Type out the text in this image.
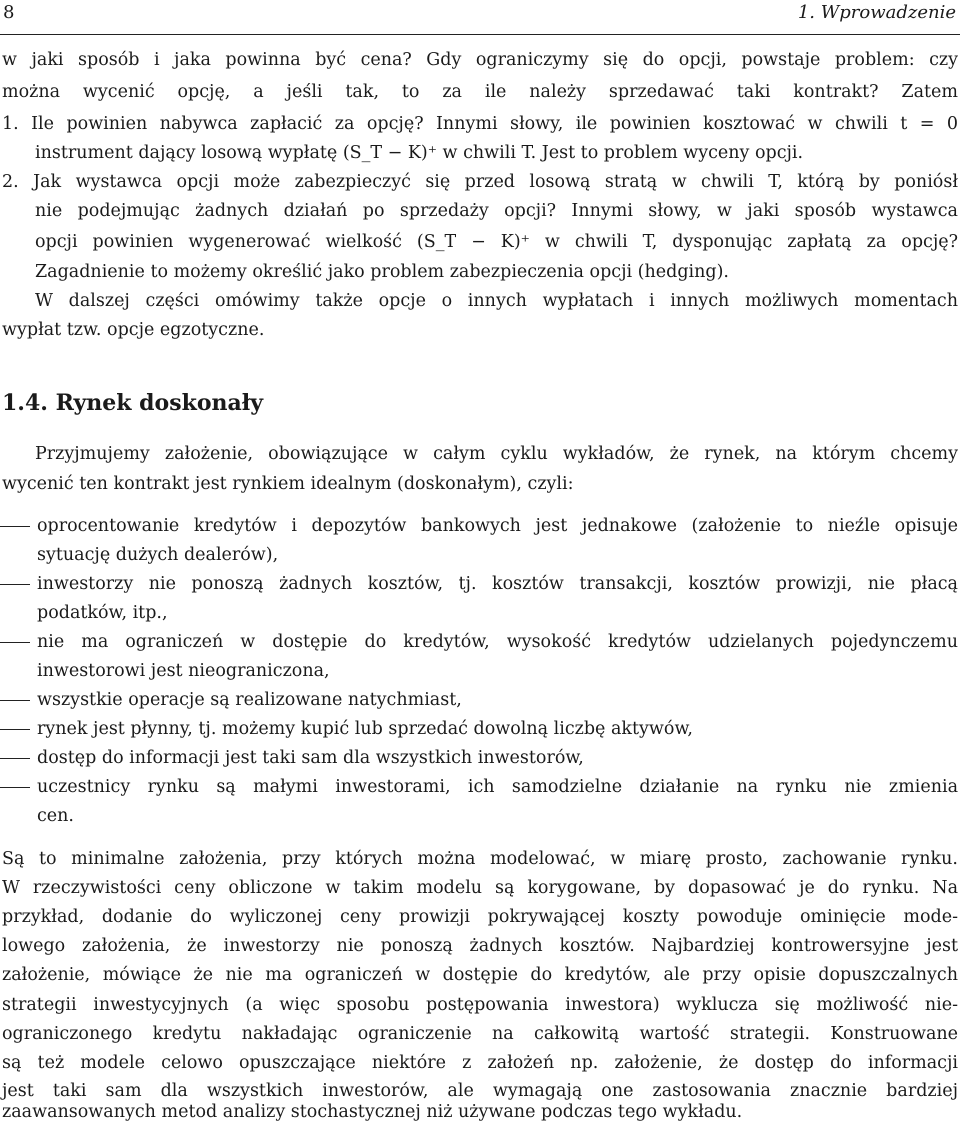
8	1. Wprowadzenie

w jaki sposób i jaka powinna być cena? Gdy ograniczymy się do opcji, powstaje problem: czy

można wycenić opcję, a jeśli tak, to za ile należy sprzedawać taki kontrakt? Zatem

1. Ile powinien nabywca zapłacić za opcję? Innymi słowy, ile powinien kosztować w chwili t = 0

instrument dający losową wypłatę (S_T − K)⁺ w chwili T. Jest to problem wyceny opcji.

2. Jak wystawca opcji może zabezpieczyć się przed losową stratą w chwili T, którą by poniósł

nie podejmując żadnych działań po sprzedaży opcji? Innymi słowy, w jaki sposób wystawca

opcji powinien wygenerować wielkość (S_T − K)⁺ w chwili T, dysponując zapłatą za opcję?

Zagadnienie to możemy określić jako problem zabezpieczenia opcji (hedging).

W dalszej części omówimy także opcje o innych wypłatach i innych możliwych momentach

wypłat tzw. opcje egzotyczne.

1.4. Rynek doskonały

Przyjmujemy założenie, obowiązujące w całym cyklu wykładów, że rynek, na którym chcemy

wycenić ten kontrakt jest rynkiem idealnym (doskonałym), czyli:

oprocentowanie kredytów i depozytów bankowych jest jednakowe (założenie to nieźle opisuje

sytuację dużych dealerów),

inwestorzy nie ponoszą żadnych kosztów, tj. kosztów transakcji, kosztów prowizji, nie płacą

podatków, itp.,

nie ma ograniczeń w dostępie do kredytów, wysokość kredytów udzielanych pojedynczemu

inwestorowi jest nieograniczona,

wszystkie operacje są realizowane natychmiast,
rynek jest płynny, tj. możemy kupić lub sprzedać dowolną liczbę aktywów,
dostęp do informacji jest taki sam dla wszystkich inwestorów,
uczestnicy rynku są małymi inwestorami, ich samodzielne działanie na rynku nie zmienia

cen.

Są to minimalne założenia, przy których można modelować, w miarę prosto, zachowanie rynku.

W rzeczywistości ceny obliczone w takim modelu są korygowane, by dopasować je do rynku. Na

przykład, dodanie do wyliczonej ceny prowizji pokrywającej koszty powoduje ominięcie mode-

lowego założenia, że inwestorzy nie ponoszą żadnych kosztów. Najbardziej kontrowersyjne jest

założenie, mówiące że nie ma ograniczeń w dostępie do kredytów, ale przy opisie dopuszczalnych

strategii inwestycyjnych (a więc sposobu postępowania inwestora) wyklucza się możliwość nie-

ograniczonego kredytu nakładając ograniczenie na całkowitą wartość strategii. Konstruowane

są też modele celowo opuszczające niektóre z założeń np. założenie, że dostęp do informacji

jest taki sam dla wszystkich inwestorów, ale wymagają one zastosowania znacznie bardziej

zaawansowanych metod analizy stochastycznej niż używane podczas tego wykładu.
